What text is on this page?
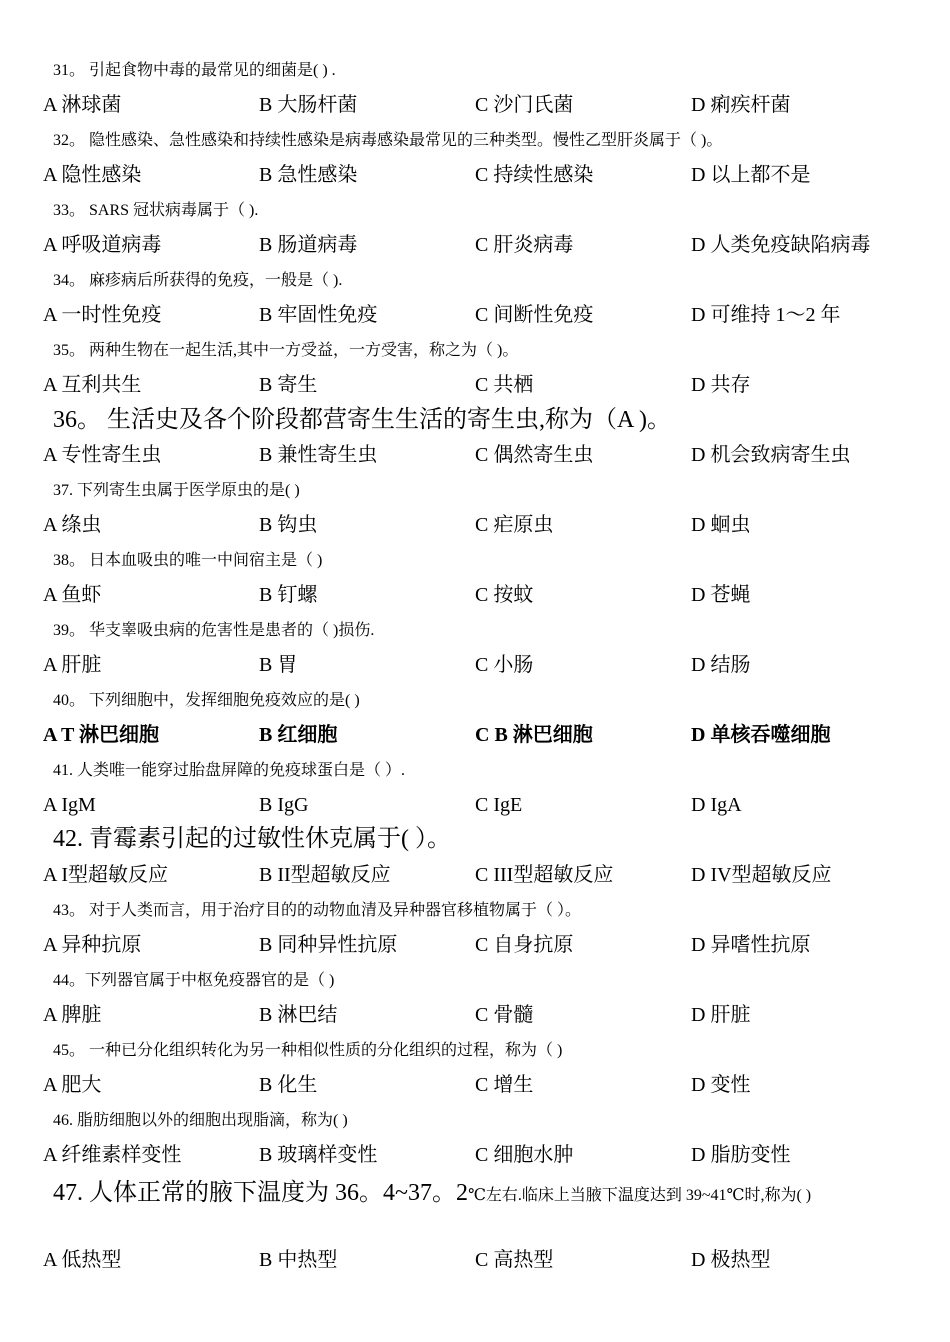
31。 引起食物中毒的最常见的细菌是( ) .
A 淋球菌	B 大肠杆菌	C 沙门氏菌	D 痢疾杆菌
32。 隐性感染、急性感染和持续性感染是病毒感染最常见的三种类型。慢性乙型肝炎属于（ )。
A 隐性感染	B 急性感染	C 持续性感染	D 以上都不是
33。 SARS 冠状病毒属于（ ).
A 呼吸道病毒	B 肠道病毒	C 肝炎病毒	D 人类免疫缺陷病毒
34。 麻疹病后所获得的免疫，一般是（ ).
A 一时性免疫	B 牢固性免疫	C 间断性免疫	D 可维持 1～2 年
35。 两种生物在一起生活,其中一方受益，一方受害，称之为（ )。
A 互利共生	B 寄生	C 共栖	D 共存
36。 生活史及各个阶段都营寄生生活的寄生虫,称为（A )。
A 专性寄生虫	B 兼性寄生虫	C 偶然寄生虫	D 机会致病寄生虫
37. 下列寄生虫属于医学原虫的是( )
A 绦虫	B 钩虫	C 疟原虫	D 蛔虫
38。 日本血吸虫的唯一中间宿主是（ )
A 鱼虾	B 钉螺	C 按蚊	D 苍蝇
39。 华支睾吸虫病的危害性是患者的（ )损伤.
A 肝脏	B 胃	C 小肠	D 结肠
40。 下列细胞中，发挥细胞免疫效应的是( )
A T 淋巴细胞	B 红细胞	C B 淋巴细胞	D 单核吞噬细胞
41. 人类唯一能穿过胎盘屏障的免疫球蛋白是（ ）.
A IgM	B IgG	C IgE	D IgA
42. 青霉素引起的过敏性休克属于( ）。
A I型超敏反应	B II型超敏反应	C III型超敏反应	D IV型超敏反应
43。 对于人类而言，用于治疗目的的动物血清及异种器官移植物属于（ ）。
A 异种抗原	B 同种异性抗原	C 自身抗原	D 异嗜性抗原
44。下列器官属于中枢免疫器官的是（ )
A 脾脏	B 淋巴结	C 骨髓	D 肝脏
45。 一种已分化组织转化为另一种相似性质的分化组织的过程，称为（ )
A 肥大	B 化生	C 增生	D 变性
46. 脂肪细胞以外的细胞出现脂滴，称为( )
A 纤维素样变性	B 玻璃样变性	C 细胞水肿	D 脂肪变性
47. 人体正常的腋下温度为 36。4~37。2℃左右.临床上当腋下温度达到 39~41℃时,称为( )
A 低热型	B 中热型	C 高热型	D 极热型
